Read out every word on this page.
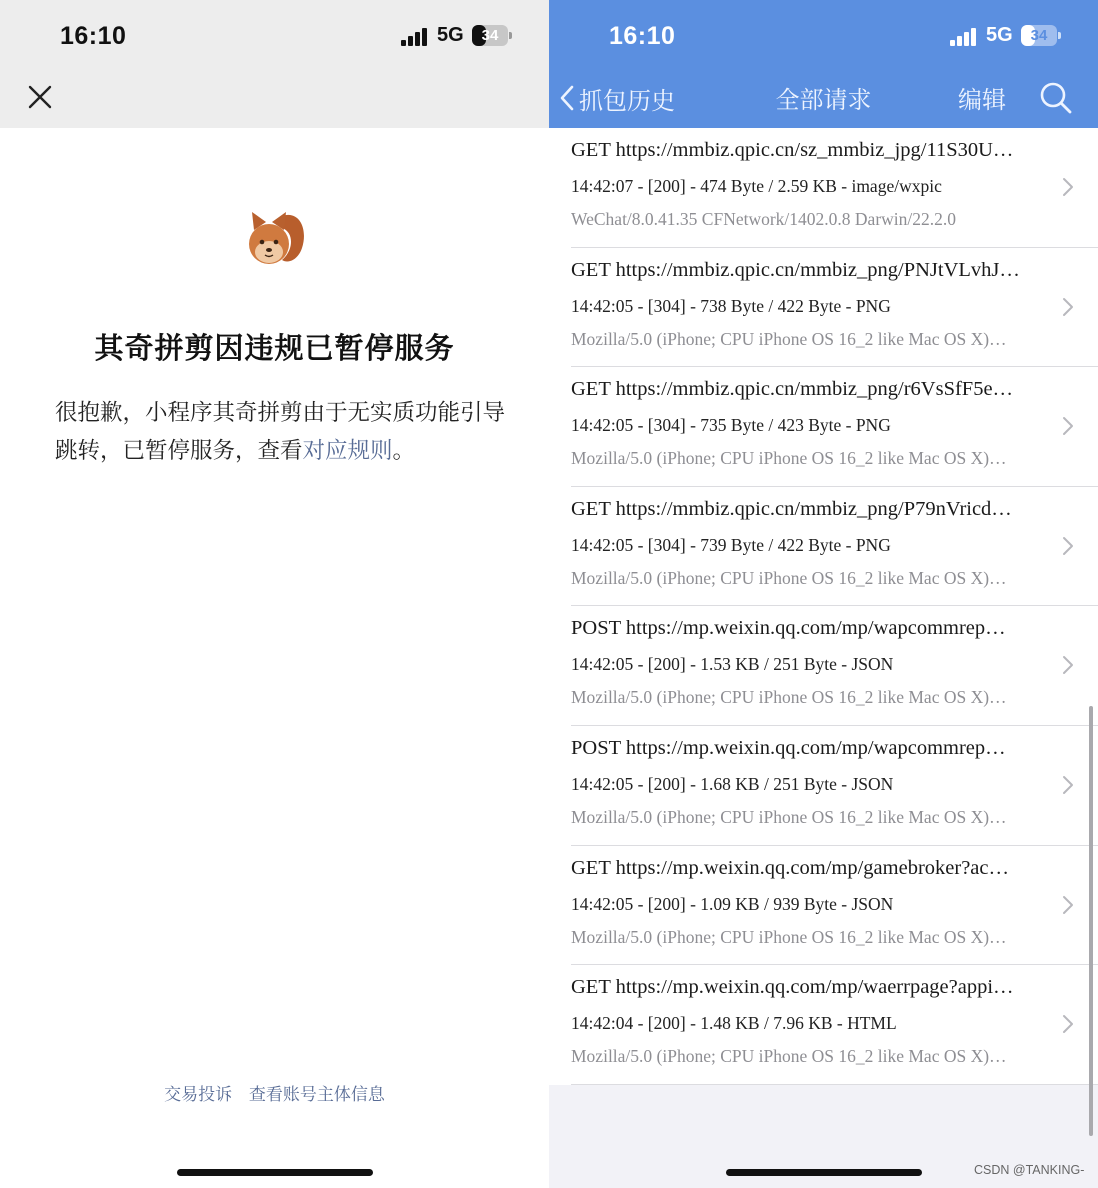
16:10	5G	34
其奇拼剪因违规已暂停服务
很抱歉，小程序其奇拼剪由于无实质功能引导跳转，已暂停服务，查看对应规则。
交易投诉 查看账号主体信息
16:10	5G	34
抓包历史	全部请求	编辑
GET https://mmbiz.qpic.cn/sz_mmbiz_jpg/11S30U…
14:42:07 - [200] - 474 Byte / 2.59 KB - image/wxpic
WeChat/8.0.41.35 CFNetwork/1402.0.8 Darwin/22.2.0
GET https://mmbiz.qpic.cn/mmbiz_png/PNJtVLvhJ…
14:42:05 - [304] - 738 Byte / 422 Byte - PNG
Mozilla/5.0 (iPhone; CPU iPhone OS 16_2 like Mac OS X)…
GET https://mmbiz.qpic.cn/mmbiz_png/r6VsSfF5e…
14:42:05 - [304] - 735 Byte / 423 Byte - PNG
Mozilla/5.0 (iPhone; CPU iPhone OS 16_2 like Mac OS X)…
GET https://mmbiz.qpic.cn/mmbiz_png/P79nVricd…
14:42:05 - [304] - 739 Byte / 422 Byte - PNG
Mozilla/5.0 (iPhone; CPU iPhone OS 16_2 like Mac OS X)…
POST https://mp.weixin.qq.com/mp/wapcommrep…
14:42:05 - [200] - 1.53 KB / 251 Byte - JSON
Mozilla/5.0 (iPhone; CPU iPhone OS 16_2 like Mac OS X)…
POST https://mp.weixin.qq.com/mp/wapcommrep…
14:42:05 - [200] - 1.68 KB / 251 Byte - JSON
Mozilla/5.0 (iPhone; CPU iPhone OS 16_2 like Mac OS X)…
GET https://mp.weixin.qq.com/mp/gamebroker?ac…
14:42:05 - [200] - 1.09 KB / 939 Byte - JSON
Mozilla/5.0 (iPhone; CPU iPhone OS 16_2 like Mac OS X)…
GET https://mp.weixin.qq.com/mp/waerrpage?appi…
14:42:04 - [200] - 1.48 KB / 7.96 KB - HTML
Mozilla/5.0 (iPhone; CPU iPhone OS 16_2 like Mac OS X)…
CSDN @TANKING-
